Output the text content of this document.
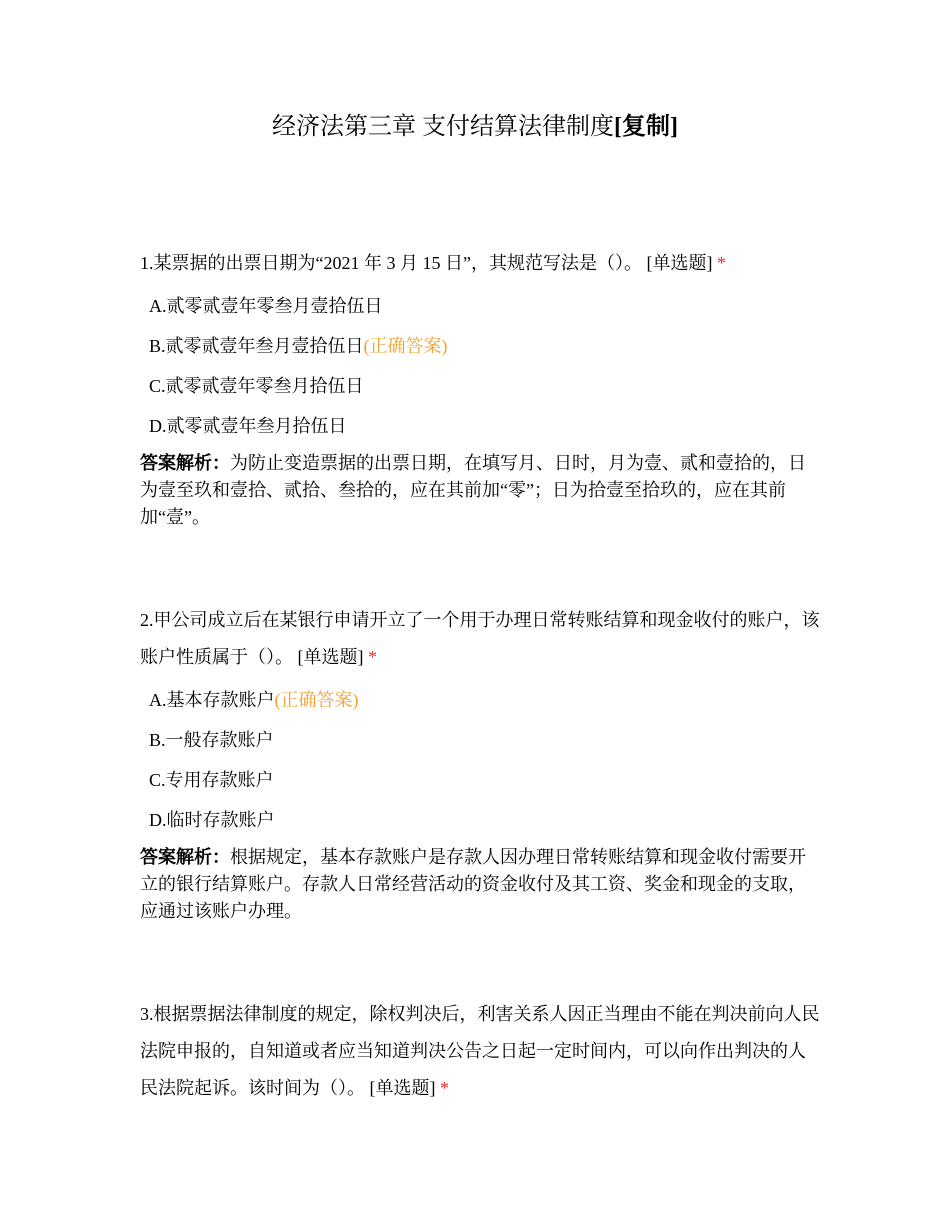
经济法第三章 支付结算法律制度[复制]

1.某票据的出票日期为“2021 年 3 月 15 日”，其规范写法是（）。 [单选题] *

A.贰零贰壹年零叁月壹拾伍日
B.贰零贰壹年叁月壹拾伍日(正确答案)
C.贰零贰壹年零叁月拾伍日
D.贰零贰壹年叁月拾伍日

答案解析：为防止变造票据的出票日期，在填写月、日时，月为壹、贰和壹拾的，日为壹至玖和壹拾、贰拾、叁拾的，应在其前加“零”；日为拾壹至拾玖的，应在其前加“壹”。

2.甲公司成立后在某银行申请开立了一个用于办理日常转账结算和现金收付的账户，该账户性质属于（）。 [单选题] *

A.基本存款账户(正确答案)
B.一般存款账户
C.专用存款账户
D.临时存款账户

答案解析：根据规定，基本存款账户是存款人因办理日常转账结算和现金收付需要开立的银行结算账户。存款人日常经营活动的资金收付及其工资、奖金和现金的支取，应通过该账户办理。

3.根据票据法律制度的规定，除权判决后，利害关系人因正当理由不能在判决前向人民法院申报的，自知道或者应当知道判决公告之日起一定时间内，可以向作出判决的人民法院起诉。该时间为（）。 [单选题] *
